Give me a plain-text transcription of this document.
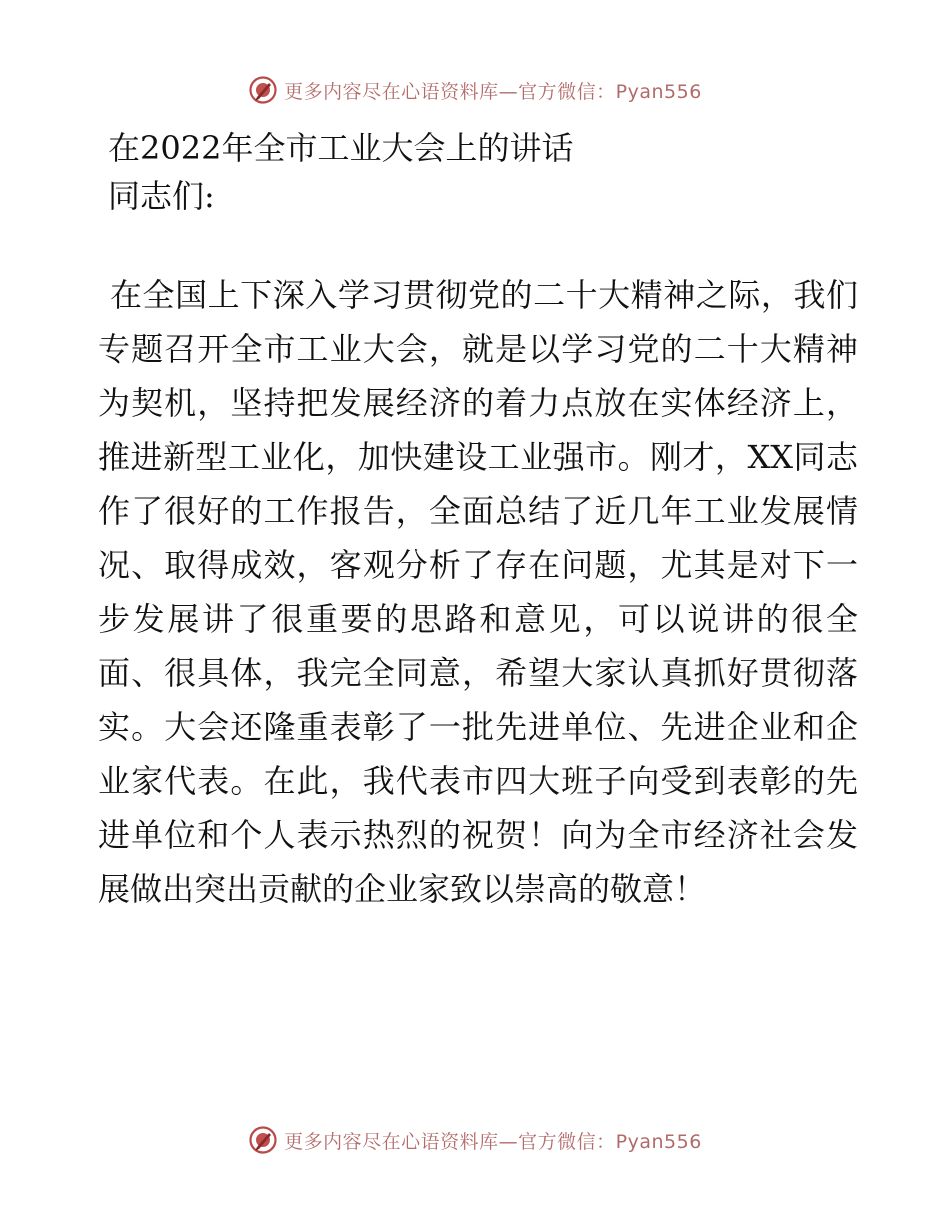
更多内容尽在心语资料库—官方微信：Pyan556
在2022年全市工业大会上的讲话
同志们:
在全国上下深入学习贯彻党的二十大精神之际，我们专题召开全市工业大会，就是以学习党的二十大精神为契机，坚持把发展经济的着力点放在实体经济上，推进新型工业化，加快建设工业强市。刚才，XX同志作了很好的工作报告，全面总结了近几年工业发展情况、取得成效，客观分析了存在问题，尤其是对下一步发展讲了很重要的思路和意见，可以说讲的很全面、很具体，我完全同意，希望大家认真抓好贯彻落实。大会还隆重表彰了一批先进单位、先进企业和企业家代表。在此，我代表市四大班子向受到表彰的先进单位和个人表示热烈的祝贺！向为全市经济社会发展做出突出贡献的企业家致以崇高的敬意！
更多内容尽在心语资料库—官方微信：Pyan556
